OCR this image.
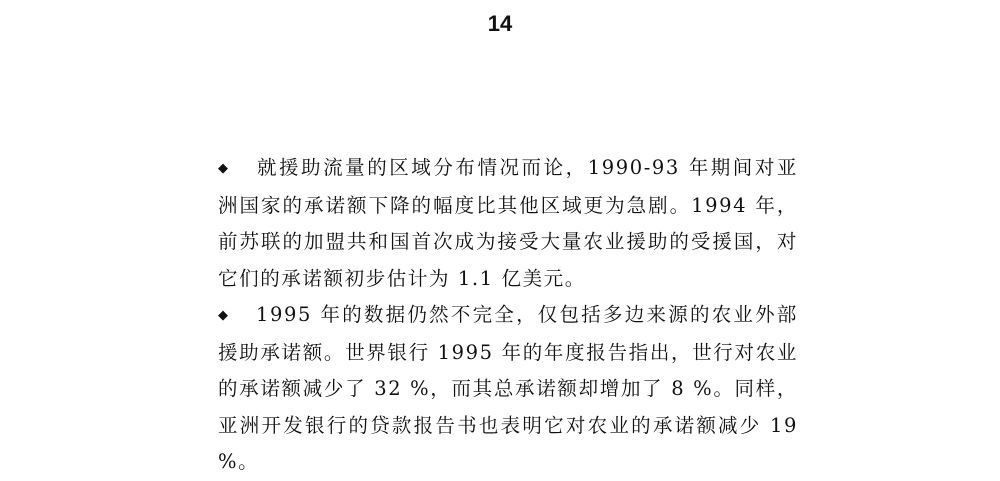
14

◆ 就援助流量的区域分布情况而论，1990-93 年期间对亚洲国家的承诺额下降的幅度比其他区域更为急剧。1994 年，前苏联的加盟共和国首次成为接受大量农业援助的受援国，对它们的承诺额初步估计为 1.1 亿美元。

◆ 1995 年的数据仍然不完全，仅包括多边来源的农业外部援助承诺额。世界银行 1995 年的年度报告指出，世行对农业的承诺额减少了 32 %，而其总承诺额却增加了 8 %。同样，亚洲开发银行的贷款报告书也表明它对农业的承诺额减少 19 %。
